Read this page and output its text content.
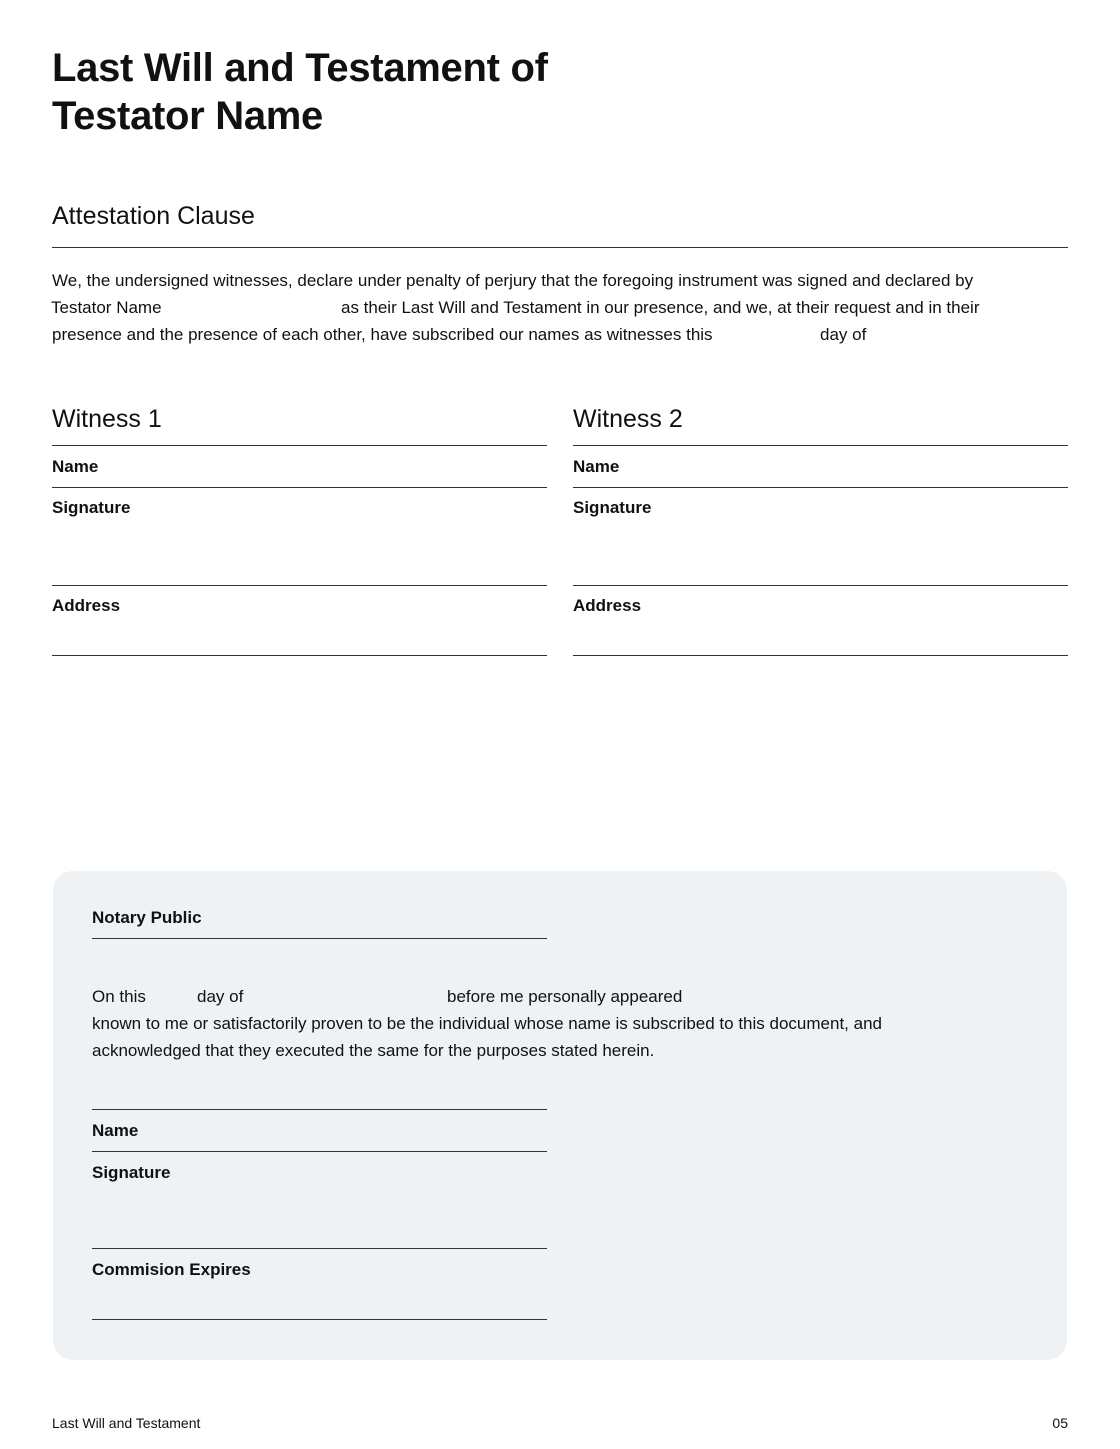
Last Will and Testament of
Testator Name
Attestation Clause
We, the undersigned witnesses, declare under penalty of perjury that the foregoing instrument was signed and declared by
Testator Name	as their Last Will and Testament in our presence, and we, at their request and in their
presence and the presence of each other, have subscribed our names as witnesses this	day of
Witness 1
Name
Signature
Address
Witness 2
Name
Signature
Address
Notary Public
On this	day of	before me personally appeared
known to me or satisfactorily proven to be the individual whose name is subscribed to this document, and
acknowledged that they executed the same for the purposes stated herein.
Name
Signature
Commision Expires
Last Will and Testament	05
